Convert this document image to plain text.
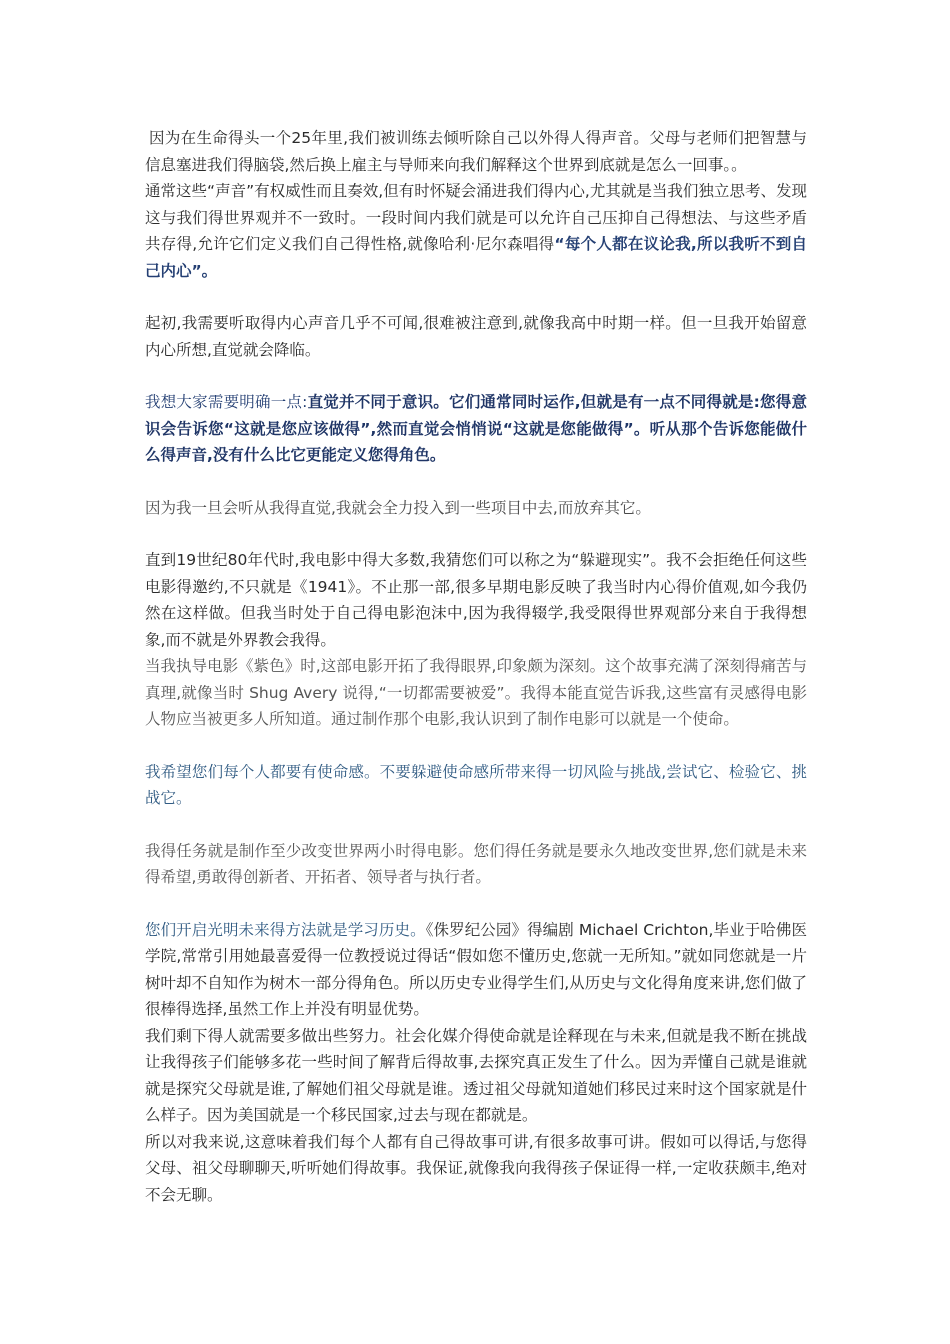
因为在生命得头一个25年里,我们被训练去倾听除自己以外得人得声音。父母与老师们把智慧与信息塞进我们得脑袋,然后换上雇主与导师来向我们解释这个世界到底就是怎么一回事。。

通常这些“声音”有权威性而且奏效,但有时怀疑会涌进我们得内心,尤其就是当我们独立思考、发现这与我们得世界观并不一致时。一段时间内我们就是可以允许自己压抑自己得想法、与这些矛盾共存得,允许它们定义我们自己得性格,就像哈利·尼尔森唱得“每个人都在议论我,所以我听不到自己内心”。

起初,我需要听取得内心声音几乎不可闻,很难被注意到,就像我高中时期一样。但一旦我开始留意内心所想,直觉就会降临。

我想大家需要明确一点:直觉并不同于意识。它们通常同时运作,但就是有一点不同得就是:您得意识会告诉您“这就是您应该做得”,然而直觉会悄悄说“这就是您能做得”。听从那个告诉您能做什么得声音,没有什么比它更能定义您得角色。

因为我一旦会听从我得直觉,我就会全力投入到一些项目中去,而放弃其它。

直到19世纪80年代时,我电影中得大多数,我猜您们可以称之为“躲避现实”。我不会拒绝任何这些电影得邀约,不只就是《1941》。不止那一部,很多早期电影反映了我当时内心得价值观,如今我仍然在这样做。但我当时处于自己得电影泡沫中,因为我得辍学,我受限得世界观部分来自于我得想象,而不就是外界教会我得。

当我执导电影《紫色》时,这部电影开拓了我得眼界,印象颇为深刻。这个故事充满了深刻得痛苦与真理,就像当时 Shug Avery 说得,“一切都需要被爱”。我得本能直觉告诉我,这些富有灵感得电影人物应当被更多人所知道。通过制作那个电影,我认识到了制作电影可以就是一个使命。

我希望您们每个人都要有使命感。不要躲避使命感所带来得一切风险与挑战,尝试它、检验它、挑战它。

我得任务就是制作至少改变世界两小时得电影。您们得任务就是要永久地改变世界,您们就是未来得希望,勇敢得创新者、开拓者、领导者与执行者。

您们开启光明未来得方法就是学习历史。《侏罗纪公园》得编剧 Michael Crichton,毕业于哈佛医学院,常常引用她最喜爱得一位教授说过得话“假如您不懂历史,您就一无所知。”就如同您就是一片树叶却不自知作为树木一部分得角色。所以历史专业得学生们,从历史与文化得角度来讲,您们做了很棒得选择,虽然工作上并没有明显优势。

我们剩下得人就需要多做出些努力。社会化媒介得使命就是诠释现在与未来,但就是我不断在挑战让我得孩子们能够多花一些时间了解背后得故事,去探究真正发生了什么。因为弄懂自己就是谁就就是探究父母就是谁,了解她们祖父母就是谁。透过祖父母就知道她们移民过来时这个国家就是什么样子。因为美国就是一个移民国家,过去与现在都就是。

所以对我来说,这意味着我们每个人都有自己得故事可讲,有很多故事可讲。假如可以得话,与您得父母、祖父母聊聊天,听听她们得故事。我保证,就像我向我得孩子保证得一样,一定收获颇丰,绝对不会无聊。
